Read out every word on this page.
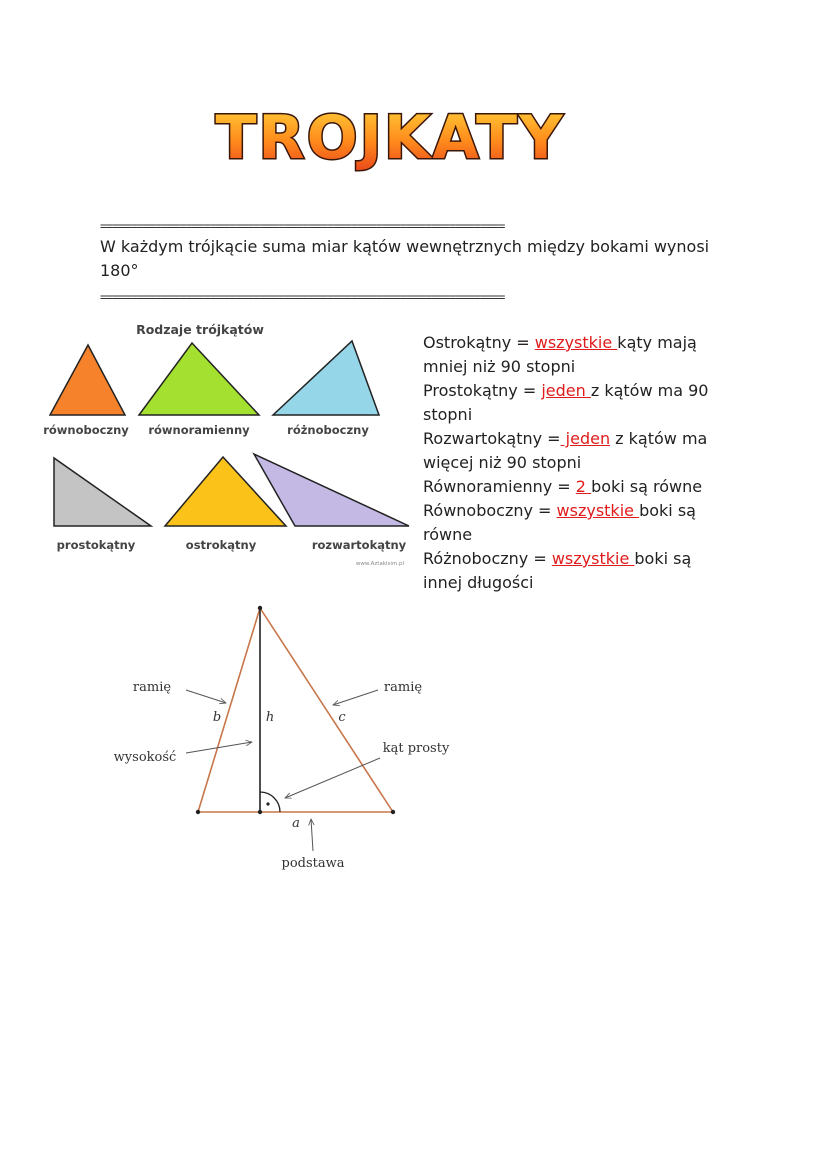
TROJKATY
==================================================================
==================================================================
W każdym trójkącie suma miar kątów wewnętrznych między bokami wynosi 180°
Rodzaje trójkątów
równoboczny równoramienny	różnoboczny
prostokątny	ostrokątny	rozwartokątny
www.Aztakisim.pl

Ostrokątny = wszystkie kąty mają mniej niż 90 stopni

Prostokątny = jeden z kątów ma 90 stopni

Rozwartokątny = jeden z kątów ma więcej niż 90 stopni

Równoramienny = 2 boki są równe

Równoboczny = wszystkie boki są równe

Różnoboczny = wszystkie boki są innej długości

ramię	ramię
wysokość
kąt prosty
podstawa
b	h	c
a
